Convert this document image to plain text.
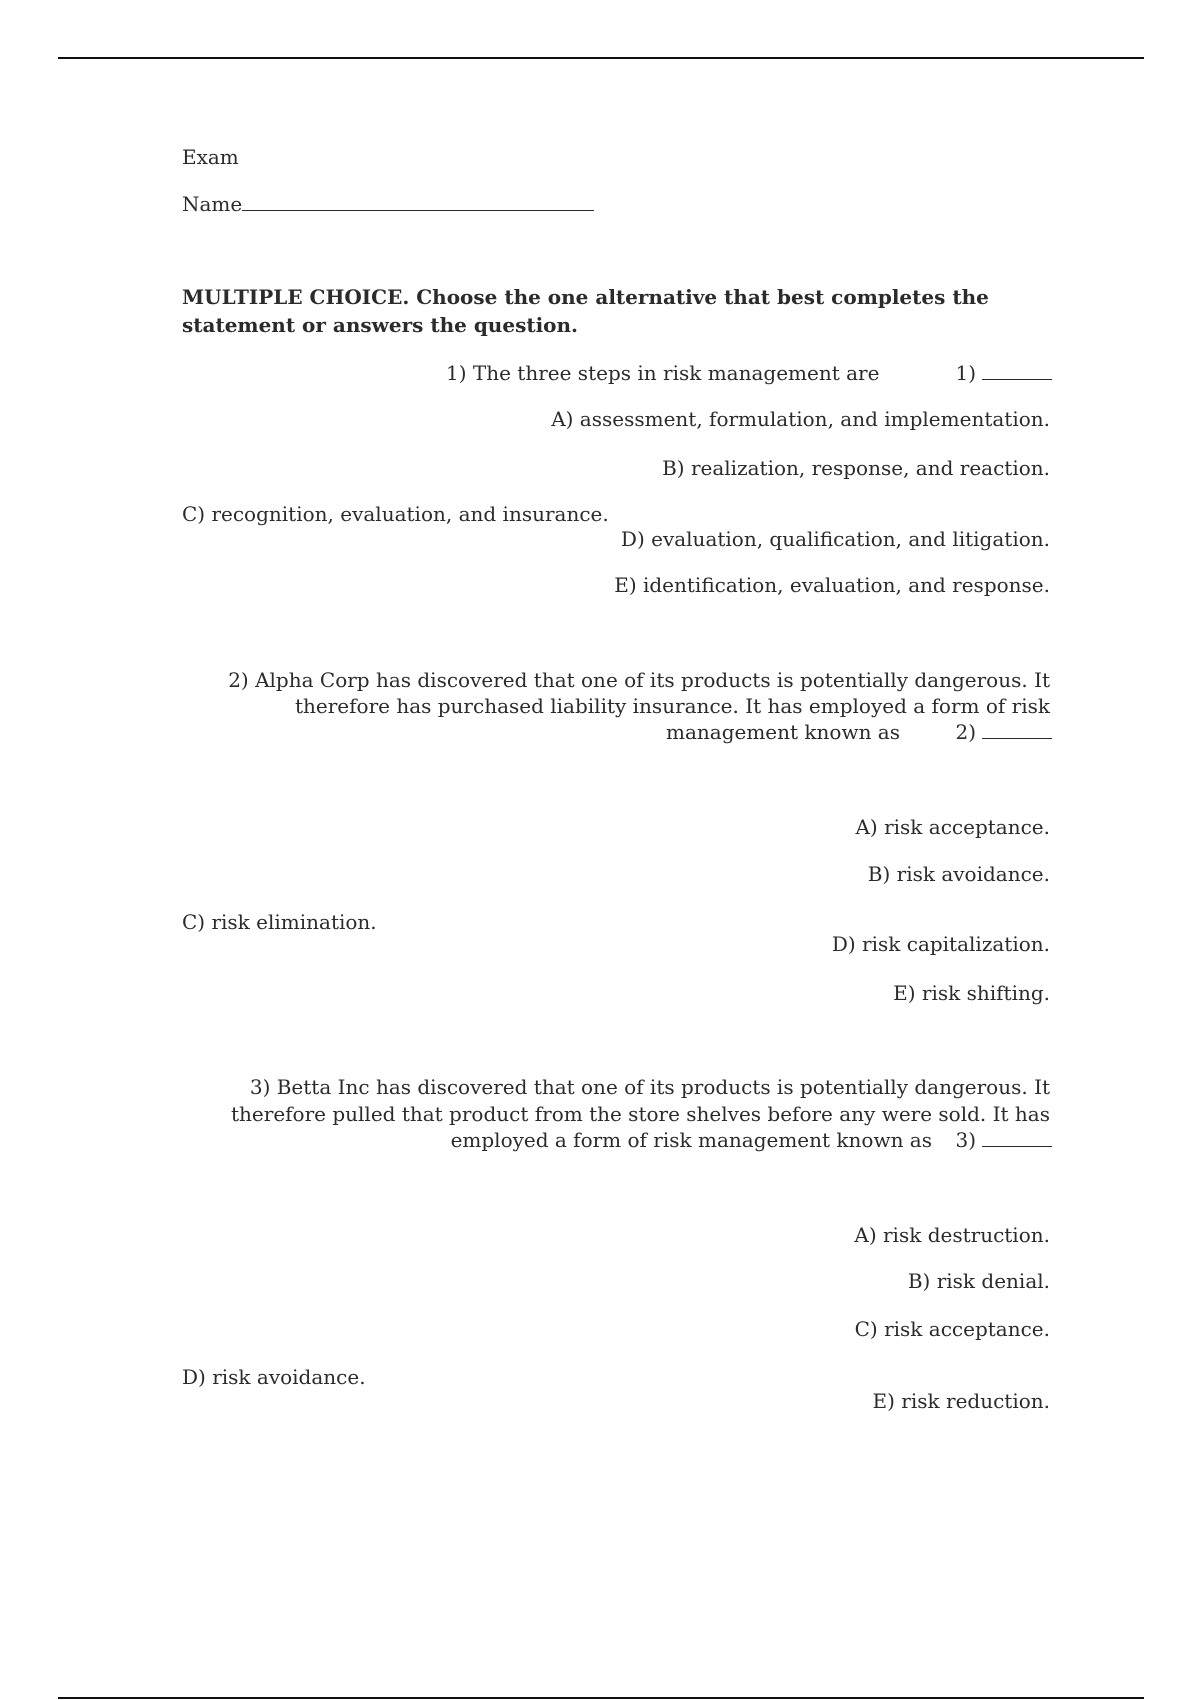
Exam
Name
MULTIPLE CHOICE. Choose the one alternative that best completes the
statement or answers the question.
1) The three steps in risk management are	1)
A) assessment, formulation, and implementation.
B) realization, response, and reaction.
C) recognition, evaluation, and insurance.
D) evaluation, qualification, and litigation.
E) identification, evaluation, and response.
2) Alpha Corp has discovered that one of its products is potentially dangerous. It
therefore has purchased liability insurance. It has employed a form of risk
management known as	2)
A) risk acceptance.
B) risk avoidance.
C) risk elimination.
D) risk capitalization.
E) risk shifting.
3) Betta Inc has discovered that one of its products is potentially dangerous. It
therefore pulled that product from the store shelves before any were sold. It has
employed a form of risk management known as	3)
A) risk destruction.
B) risk denial.
C) risk acceptance.
D) risk avoidance.
E) risk reduction.
